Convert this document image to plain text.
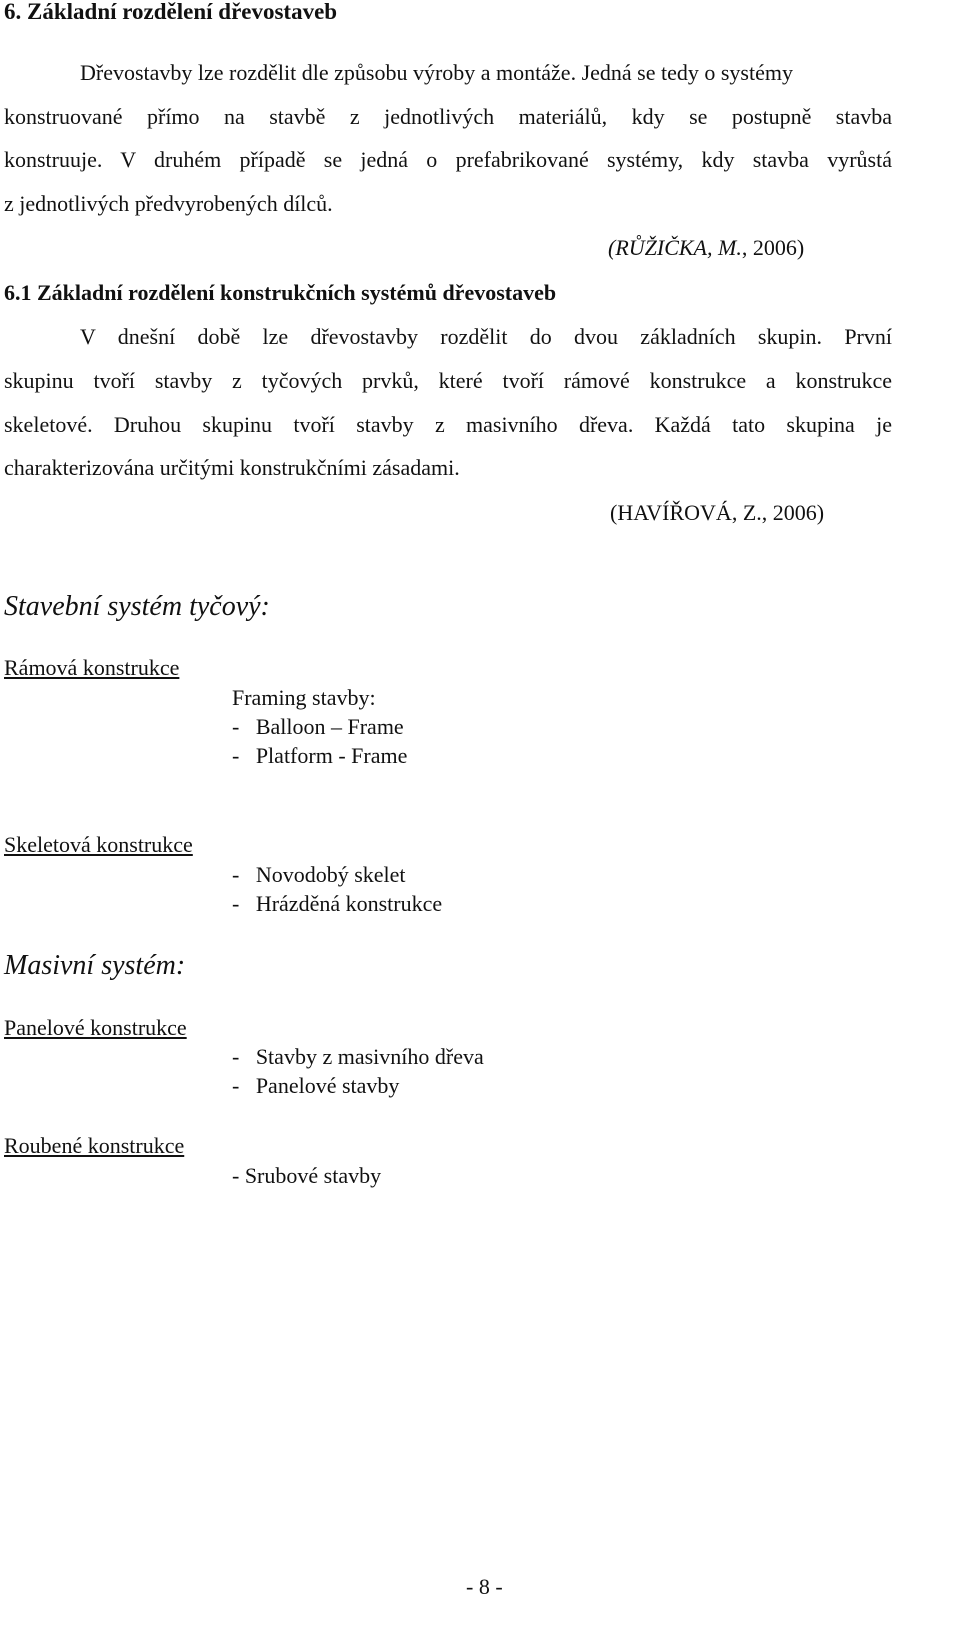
6. Základní rozdělení dřevostaveb
Dřevostavby lze rozdělit dle způsobu výroby a montáže. Jedná se tedy o systémy
konstruované přímo na stavbě z jednotlivých materiálů, kdy se postupně stavba
konstruuje. V druhém případě se jedná o prefabrikované systémy, kdy stavba vyrůstá
z jednotlivých předvyrobených dílců.
(RŮŽIČKA, M., 2006)
6.1 Základní rozdělení konstrukčních systémů dřevostaveb
V dnešní době lze dřevostavby rozdělit do dvou základních skupin. První
skupinu tvoří stavby z tyčových prvků, které tvoří rámové konstrukce a konstrukce
skeletové. Druhou skupinu tvoří stavby z masivního dřeva. Každá tato skupina je
charakterizována určitými konstrukčními zásadami.
(HAVÍŘOVÁ, Z., 2006)
Stavební systém tyčový:
Rámová konstrukce
Framing stavby:
-   Balloon – Frame
-   Platform - Frame
Skeletová konstrukce
-   Novodobý skelet
-   Hrázděná konstrukce
Masivní systém:
Panelové konstrukce
-   Stavby z masivního dřeva
-   Panelové stavby
Roubené konstrukce
- Srubové stavby
- 8 -
